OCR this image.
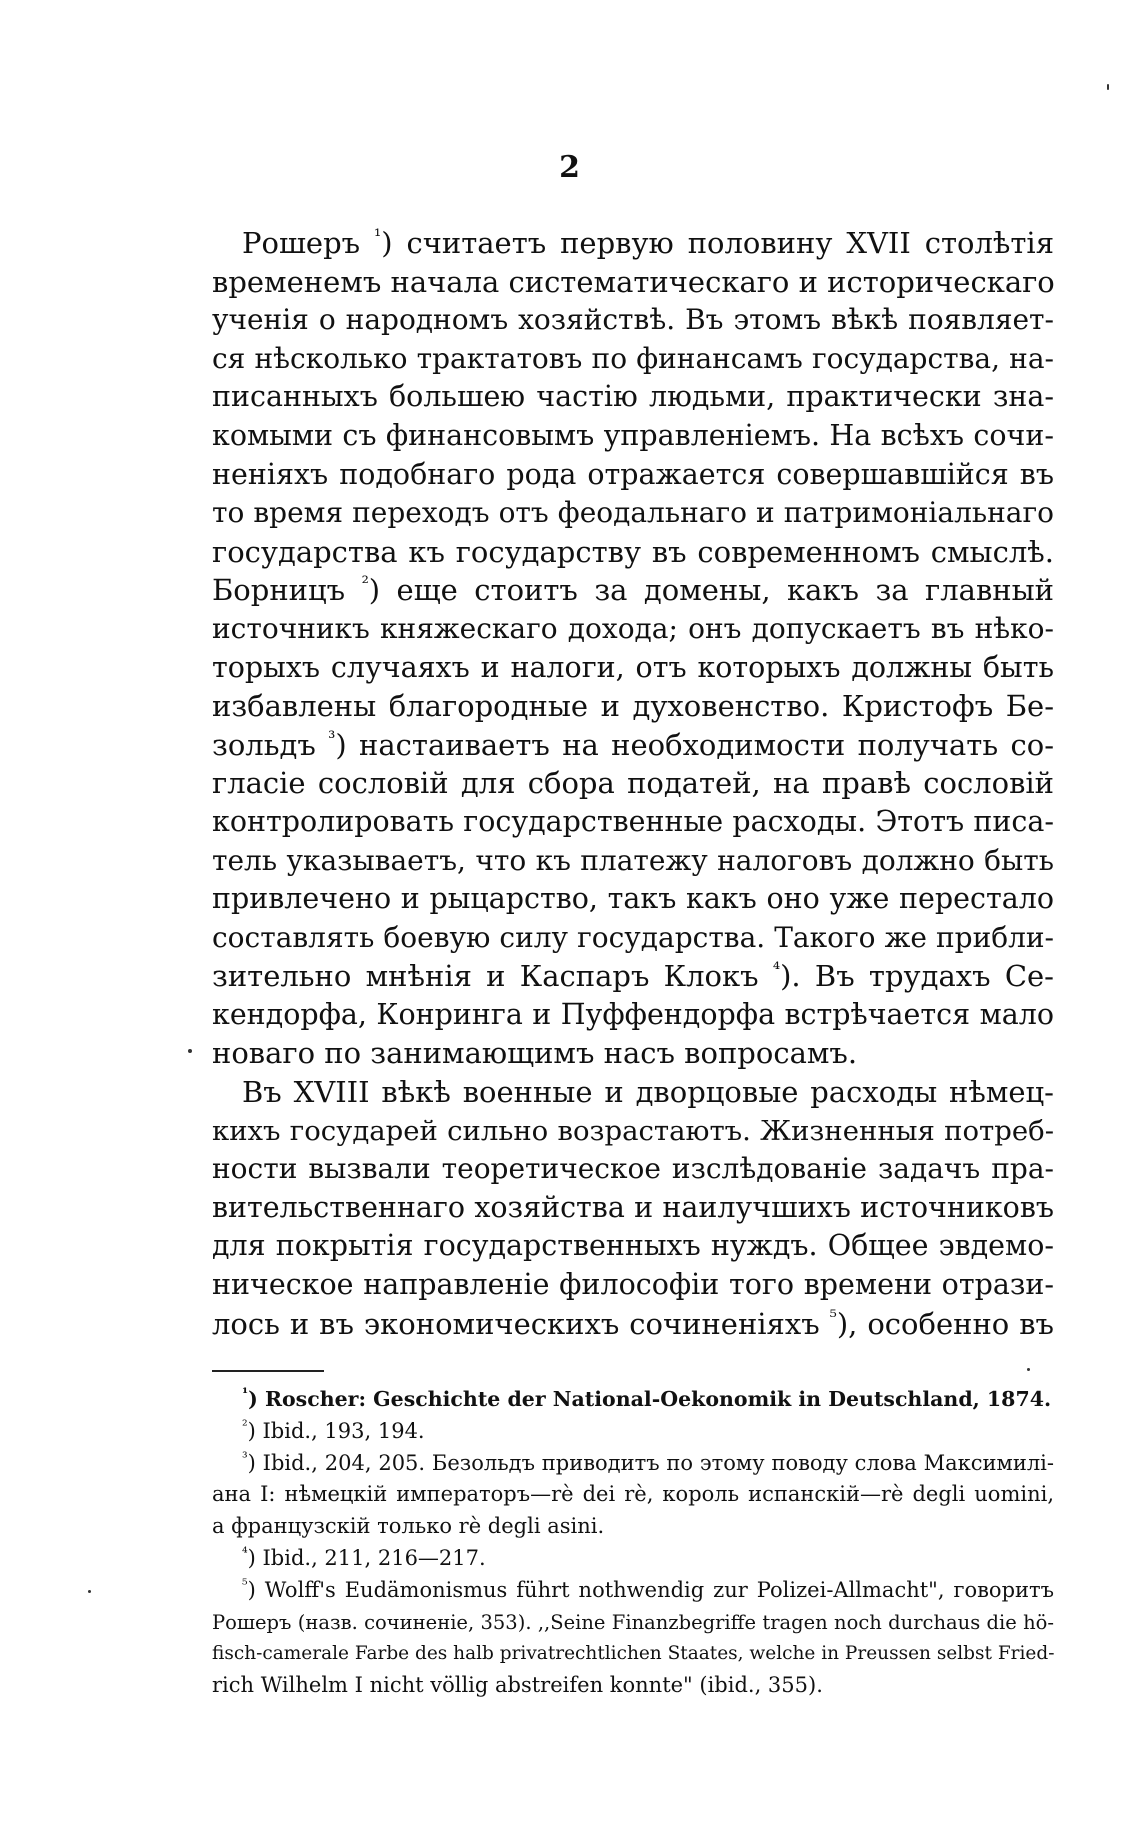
2
Рошеръ $^{^1}$) считаетъ первую половину XVII столѣтія
временемъ начала систематическаго и историческаго
ученія о народномъ хозяйствѣ. Въ этомъ вѣкѣ появляет-
ся нѣсколько трактатовъ по финансамъ государства, на-
писанныхъ большею частію людьми, практически зна-
комыми съ финансовымъ управленіемъ. На всѣхъ сочи-
неніяхъ подобнаго рода отражается совершавшійся въ
то время переходъ отъ феодальнаго и патримоніальнаго
государства къ государству въ современномъ смыслѣ.
Борницъ $^{^2}$) еще стоитъ за домены, какъ за главный
источникъ княжескаго дохода; онъ допускаетъ въ нѣко-
торыхъ случаяхъ и налоги, отъ которыхъ должны быть
избавлены благородные и духовенство. Кристофъ Бе-
зольдъ $^{^3}$) настаиваетъ на необходимости получать со-
гласіе сословій для сбора податей, на правѣ сословій
контролировать государственные расходы. Этотъ писа-
тель указываетъ, что къ платежу налоговъ должно быть
привлечено и рыцарство, такъ какъ оно уже перестало
составлять боевую силу государства. Такого же прибли-
зительно мнѣнія и Каспаръ Клокъ $^{^4}$). Въ трудахъ Се-
кендорфа, Конринга и Пуффендорфа встрѣчается мало
новаго по занимающимъ насъ вопросамъ.
Въ XVIII вѣкѣ военные и дворцовые расходы нѣмец-
кихъ государей сильно возрастаютъ. Жизненныя потреб-
ности вызвали теоретическое изслѣдованіе задачъ пра-
вительственнаго хозяйства и наилучшихъ источниковъ
для покрытія государственныхъ нуждъ. Общее эвдемо-
ническое направленіе философіи того времени отрази-
лось и въ экономическихъ сочиненіяхъ $^{^5}$), особенно въ
$^{^1}$) Roscher: Geschichte der National-Oekonomik in Deutschland, 1874.
$^{^2}$) Ibid., 193, 194.
$^{^3}$) Ibid., 204, 205. Безольдъ приводитъ по этому поводу слова Максимилі-
ана I: нѣмецкій императоръ—rè dei rè, король испанскій—rè degli uomini,
а французскій только rè degli asini.
$^{^4}$) Ibid., 211, 216—217.
$^{^5}$) Wolff's Eudämonismus führt nothwendig zur Polizei-Allmacht", говоритъ
Рошеръ (назв. сочиненіе, 353). ,,Seine Finanzbegriffe tragen noch durchaus die hö-
fisch-camerale Farbe des halb privatrechtlichen Staates, welche in Preussen selbst Fried-
rich Wilhelm I nicht völlig abstreifen konnte" (ibid., 355).
